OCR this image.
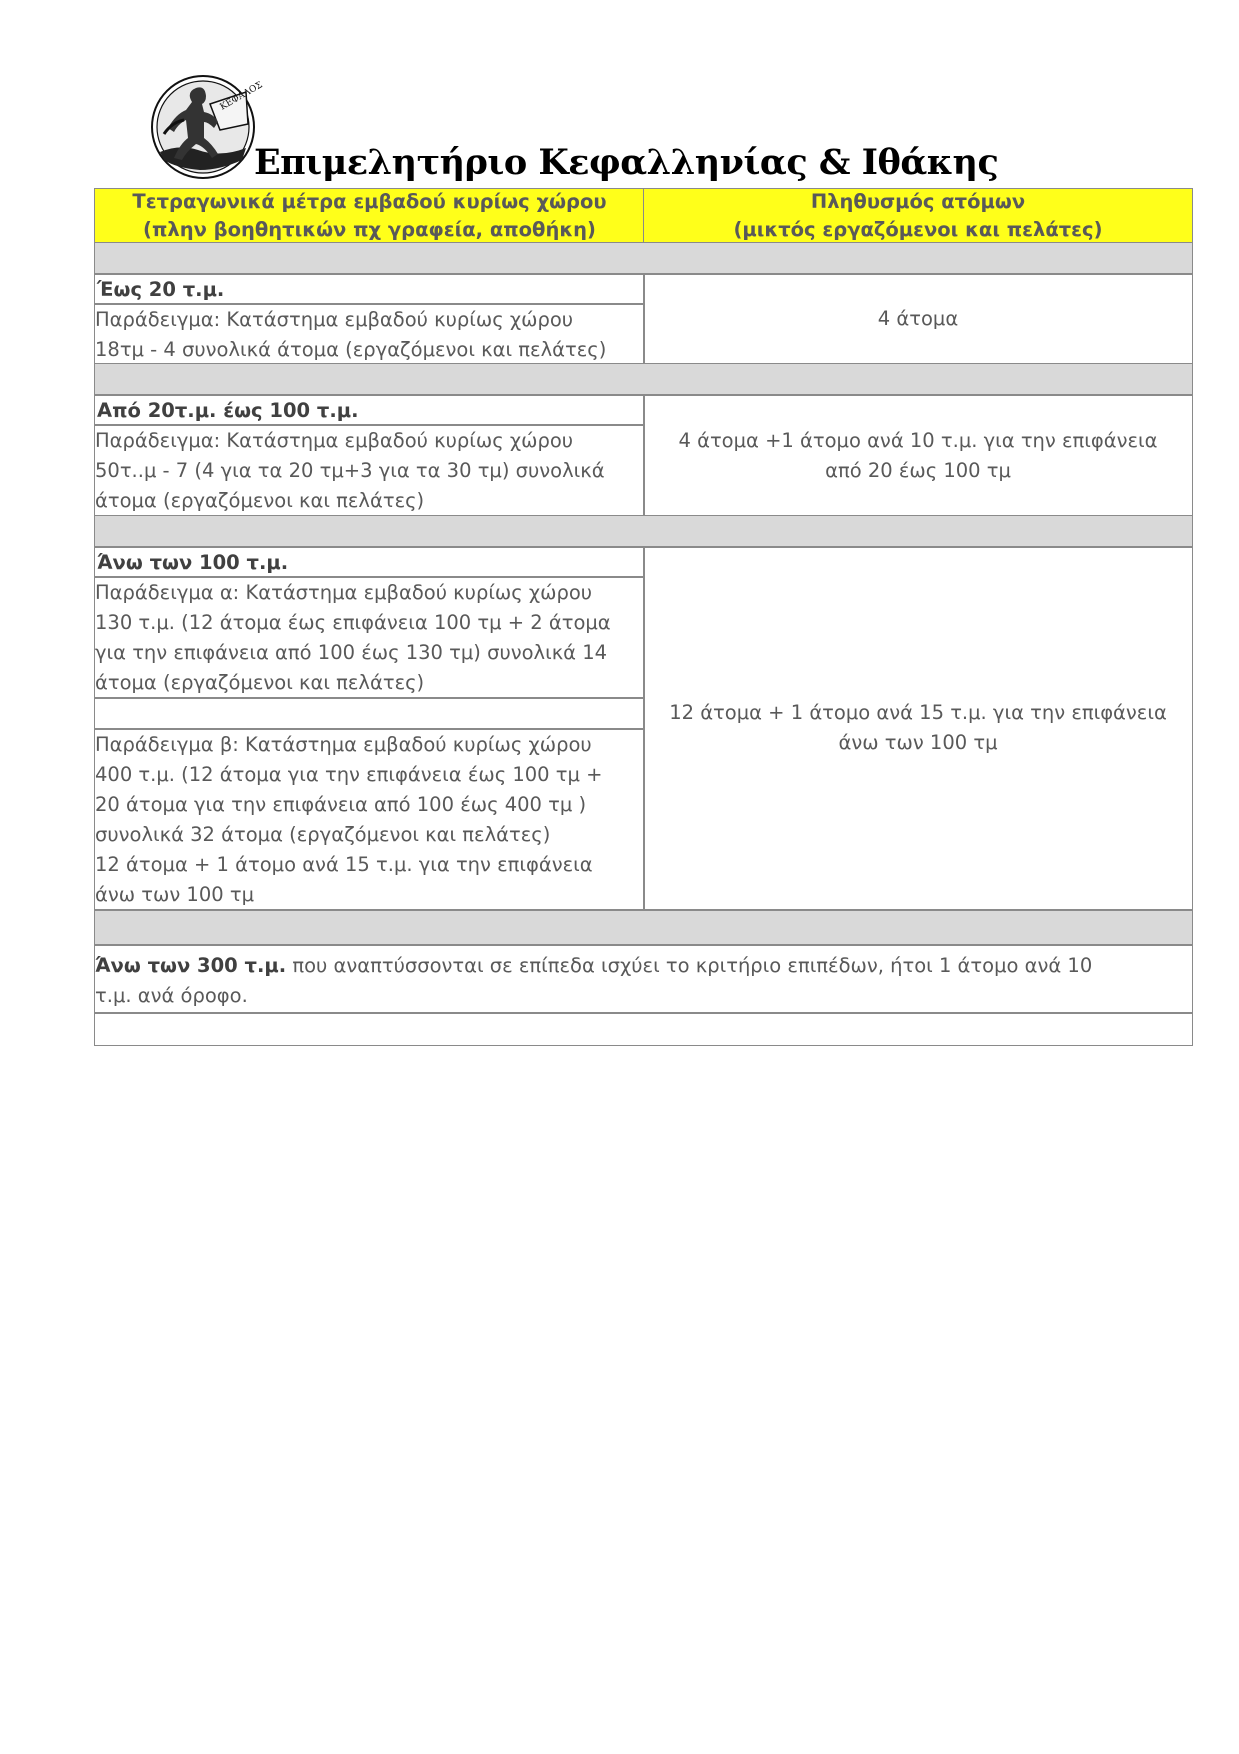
ΚΕΦΑΛΟΣ
Επιμελητήριο Κεφαλληνίας & Ιθάκης
Τετραγωνικά μέτρα εμβαδού κυρίως χώρου
(πλην βοηθητικών πχ γραφεία, αποθήκη)
Πληθυσμός ατόμων
(μικτός εργαζόμενοι και πελάτες)
Έως 20 τ.μ.
Παράδειγμα: Κατάστημα εμβαδού κυρίως χώρου
18τμ - 4 συνολικά άτομα (εργαζόμενοι και πελάτες)
4 άτομα
Από 20τ.μ. έως 100 τ.μ.
Παράδειγμα: Κατάστημα εμβαδού κυρίως χώρου
50τ..μ - 7 (4 για τα 20 τμ+3 για τα 30 τμ) συνολικά
άτομα (εργαζόμενοι και πελάτες)
4 άτομα +1 άτομο ανά 10 τ.μ. για την επιφάνεια
από 20 έως 100 τμ
Άνω των 100 τ.μ.
Παράδειγμα α: Κατάστημα εμβαδού κυρίως χώρου
130 τ.μ. (12 άτομα έως επιφάνεια 100 τμ + 2 άτομα
για την επιφάνεια από 100 έως 130 τμ) συνολικά 14
άτομα (εργαζόμενοι και πελάτες)
Παράδειγμα β: Κατάστημα εμβαδού κυρίως χώρου
400 τ.μ. (12 άτομα για την επιφάνεια έως 100 τμ +
20 άτομα για την επιφάνεια από 100 έως 400 τμ )
συνολικά 32 άτομα (εργαζόμενοι και πελάτες)
12 άτομα + 1 άτομο ανά 15 τ.μ. για την επιφάνεια
άνω των 100 τμ
12 άτομα + 1 άτομο ανά 15 τ.μ. για την επιφάνεια
άνω των 100 τμ
Άνω των 300 τ.μ. που αναπτύσσονται σε επίπεδα ισχύει το κριτήριο επιπέδων, ήτοι 1 άτομο ανά 10
τ.μ. ανά όροφο.
